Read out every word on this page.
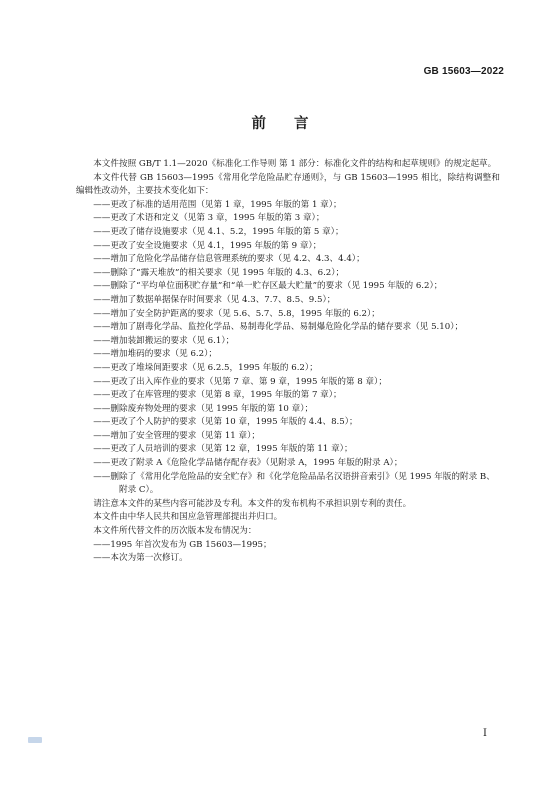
GB 15603—2022
前言

本文件按照 GB/T 1.1—2020《标准化工作导则 第 1 部分：标准化文件的结构和起草规则》的规定起草。

本文件代替 GB 15603—1995《常用化学危险品贮存通则》，与 GB 15603—1995 相比，除结构调整和编辑性改动外，主要技术变化如下：

——更改了标准的适用范围（见第 1 章，1995 年版的第 1 章）；
——更改了术语和定义（见第 3 章，1995 年版的第 3 章）；
——更改了储存设施要求（见 4.1、5.2，1995 年版的第 5 章）；
——更改了安全设施要求（见 4.1，1995 年版的第 9 章）；
——增加了危险化学品储存信息管理系统的要求（见 4.2、4.3、4.4）；
——删除了“露天堆放”的相关要求（见 1995 年版的 4.3、6.2）；
——删除了“平均单位面积贮存量”和“单一贮存区最大贮量”的要求（见 1995 年版的 6.2）；
——增加了数据单据保存时间要求（见 4.3、7.7、8.5、9.5）；
——增加了安全防护距离的要求（见 5.6、5.7、5.8，1995 年版的 6.2）；
——增加了剧毒化学品、监控化学品、易制毒化学品、易制爆危险化学品的储存要求（见 5.10）；
——增加装卸搬运的要求（见 6.1）；
——增加堆码的要求（见 6.2）；
——更改了堆垛间距要求（见 6.2.5，1995 年版的 6.2）；
——更改了出入库作业的要求（见第 7 章、第 9 章，1995 年版的第 8 章）；
——更改了在库管理的要求（见第 8 章，1995 年版的第 7 章）；
——删除废弃物处理的要求（见 1995 年版的第 10 章）；
——更改了个人防护的要求（见第 10 章，1995 年版的 4.4、8.5）；
——增加了安全管理的要求（见第 11 章）；
——更改了人员培训的要求（见第 12 章，1995 年版的第 11 章）；
——更改了附录 A《危险化学品储存配存表》（见附录 A，1995 年版的附录 A）；
——删除了《常用化学危险品的安全贮存》和《化学危险品品名汉语拼音索引》（见 1995 年版的附录 B、附录 C）。

请注意本文件的某些内容可能涉及专利。本文件的发布机构不承担识别专利的责任。

本文件由中华人民共和国应急管理部提出并归口。

本文件所代替文件的历次版本发布情况为：

——1995 年首次发布为 GB 15603—1995；
——本次为第一次修订。
I
